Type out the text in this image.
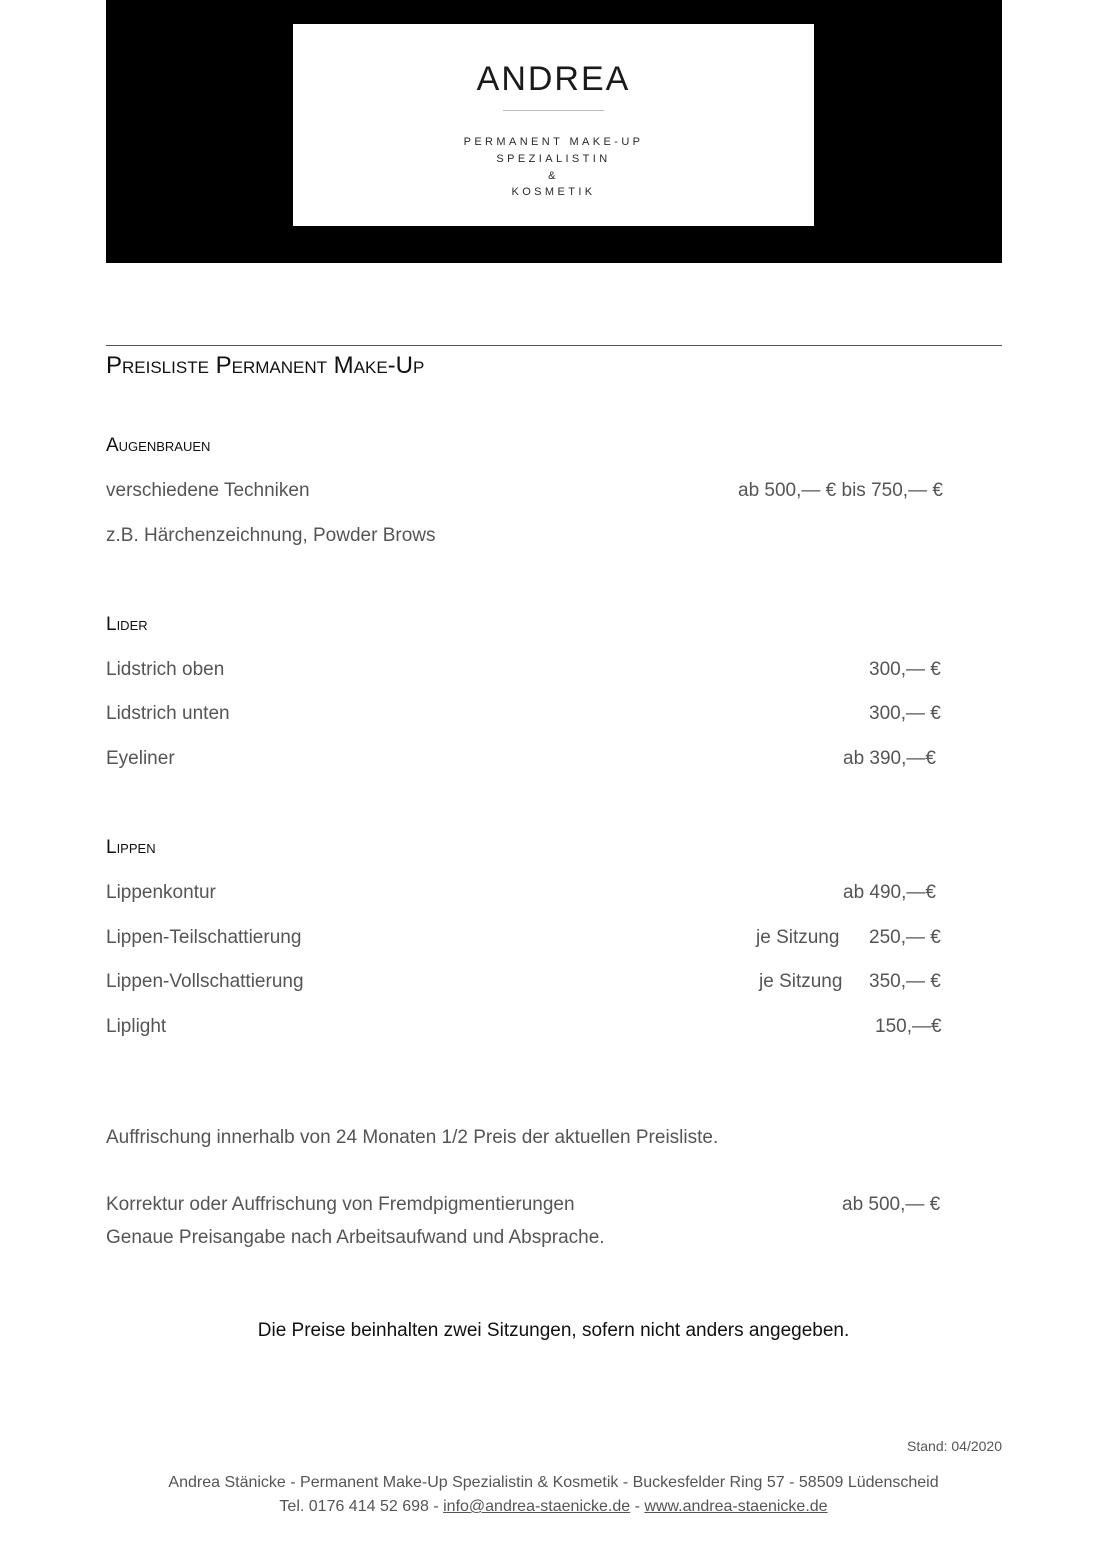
ANDREA
PERMANENT MAKE-UP
SPEZIALISTIN
&
KOSMETIK
Preisliste Permanent Make-Up
Augenbrauen
verschiedene Techniken	ab 500,— € bis 750,— €
z.B. Härchenzeichnung, Powder Brows
Lider
Lidstrich oben	300,— €
Lidstrich unten	300,— €
Eyeliner	ab 390,—€
Lippen
Lippenkontur	ab 490,—€
Lippen-Teilschattierung	je Sitzung 250,— €
Lippen-Vollschattierung	je Sitzung 350,— €
Liplight	150,—€
Auffrischung innerhalb von 24 Monaten 1/2 Preis der aktuellen Preisliste.
Korrektur oder Auffrischung von Fremdpigmentierungen	ab 500,— €
Genaue Preisangabe nach Arbeitsaufwand und Absprache.
Die Preise beinhalten zwei Sitzungen, sofern nicht anders angegeben.
Stand: 04/2020
Andrea Stänicke - Permanent Make-Up Spezialistin & Kosmetik - Buckesfelder Ring 57 - 58509 Lüdenscheid
Tel. 0176 414 52 698 - info@andrea-staenicke.de - www.andrea-staenicke.de
